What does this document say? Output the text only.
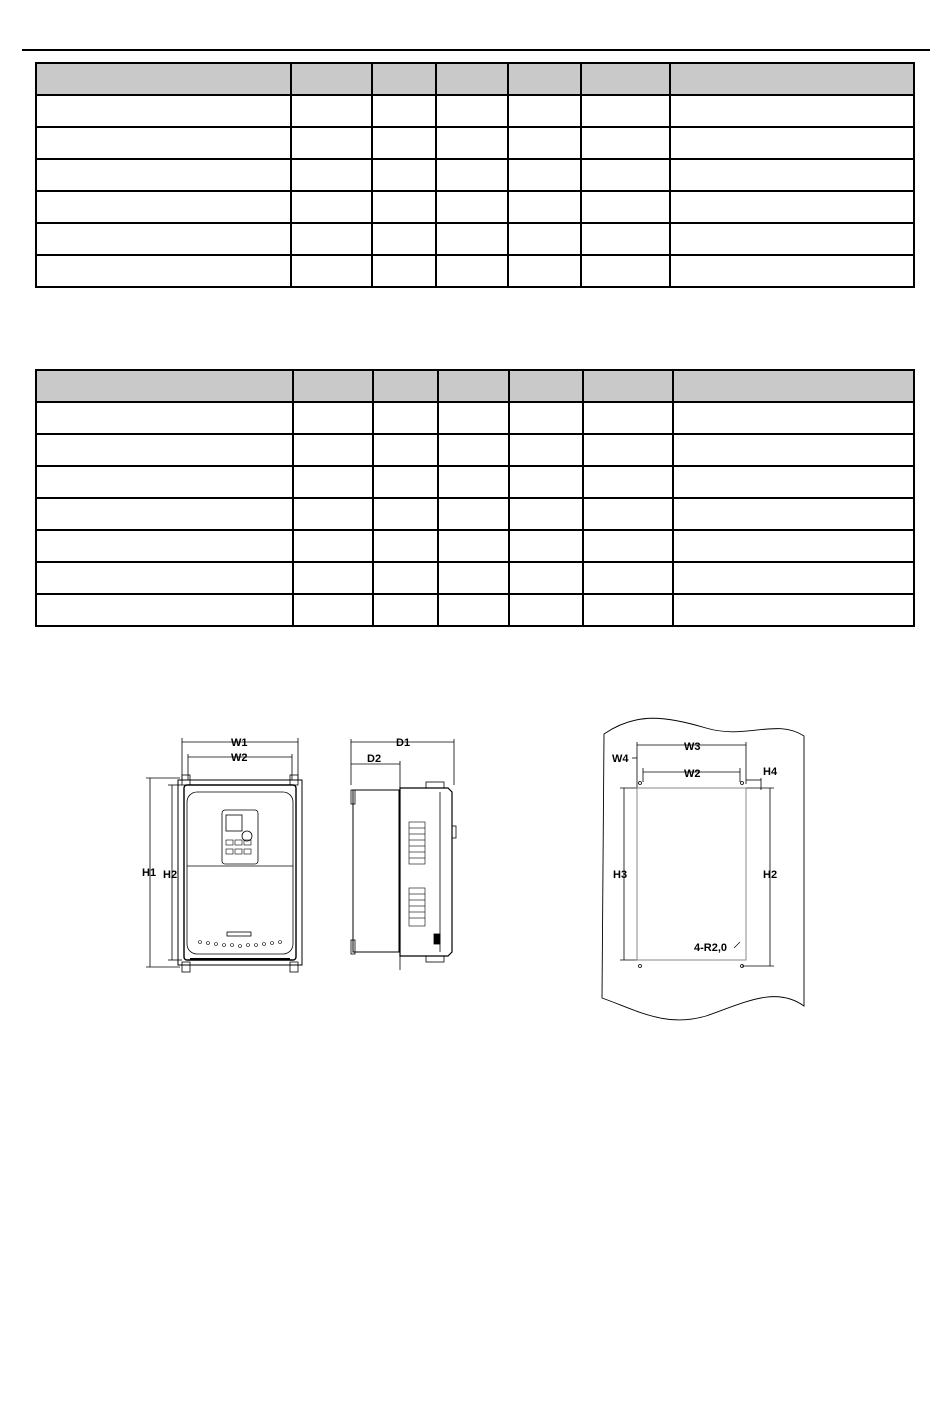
W1
W2
H1 H2
D1
D2
W3
W4
W2	H4
H3	H2
4-R2,0
